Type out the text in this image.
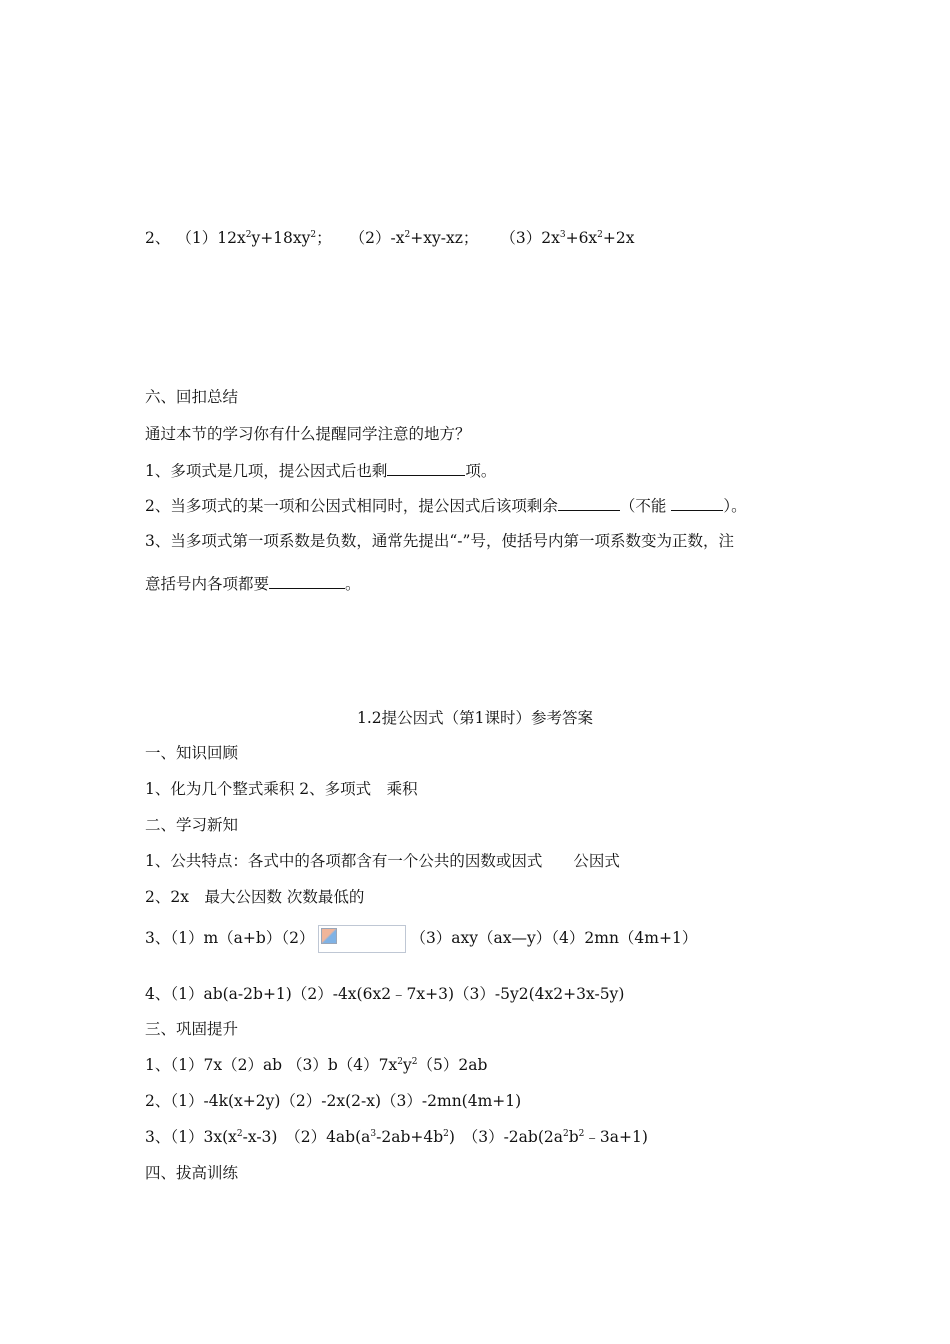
2、 $(1)12x^2y+18xy^2$； $(2)-x^2+xy-xz$； $(3)2x^3+6x^2+2x$
六、回扣总结
通过本节的学习你有什么提醒同学注意的地方？
1、多项式是几项，提公因式后也剩	项。
2、当多项式的某一项和公因式相同时，提公因式后该项剩余	（不能	）。
3、当多项式第一项系数是负数，通常先提出“-”号，使括号内第一项系数变为正数，注
意括号内各项都要	。
1.2提公因式（第1课时）参考答案
一、知识回顾
1、化为几个整式乘积 2、多项式　乘积
二、学习新知
1、公共特点：各式中的各项都含有一个公共的因数或因式　　公因式
2、2x　最大公因数 次数最低的
3、（1）m（a+b）（2）	（3）axy（ax—y）（4）2mn（4m+1）
4、（1）ab(a-2b+1)（2）-4x(6x2﹣7x+3)（3）-5y2(4x2+3x-5y)
三、巩固提升
1、（1）7x（2）ab $(3)b(4)7x^2y^2(5)2ab$
2、（1）-4k(x+2y)（2）-2x(2-x)（3）-2mn(4m+1)
3、$(1)3x(x^2-x-3)$　$(2)4ab(a^3-2ab+4b^2)$　$(3)-2ab(2a^2b^2﹣3a+1)$
四、拔高训练
